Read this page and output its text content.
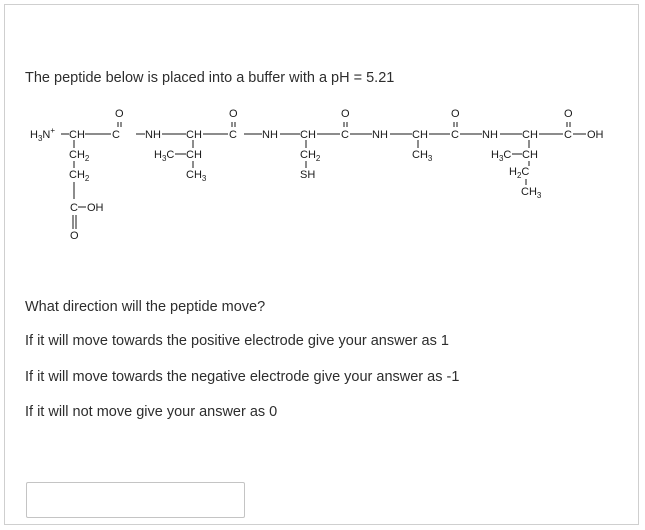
The peptide below is placed into a buffer with a pH = 5.21
$H_3N^+$ CH C
O
$CH_2$
$CH_2$
C OH
O
NH CH C
O
$H_3C$ CH
$CH_3$
NH CH C
O
$CH_2$
SH
NH CH C
O
$CH_3$
NH CH C
O
OH
$H_3C$ CH
$H_2C$
$CH_3$
What direction will the peptide move?
If it will move towards the positive electrode give your answer as 1
If it will move towards the negative electrode give your answer as -1
If it will not move give your answer as 0
